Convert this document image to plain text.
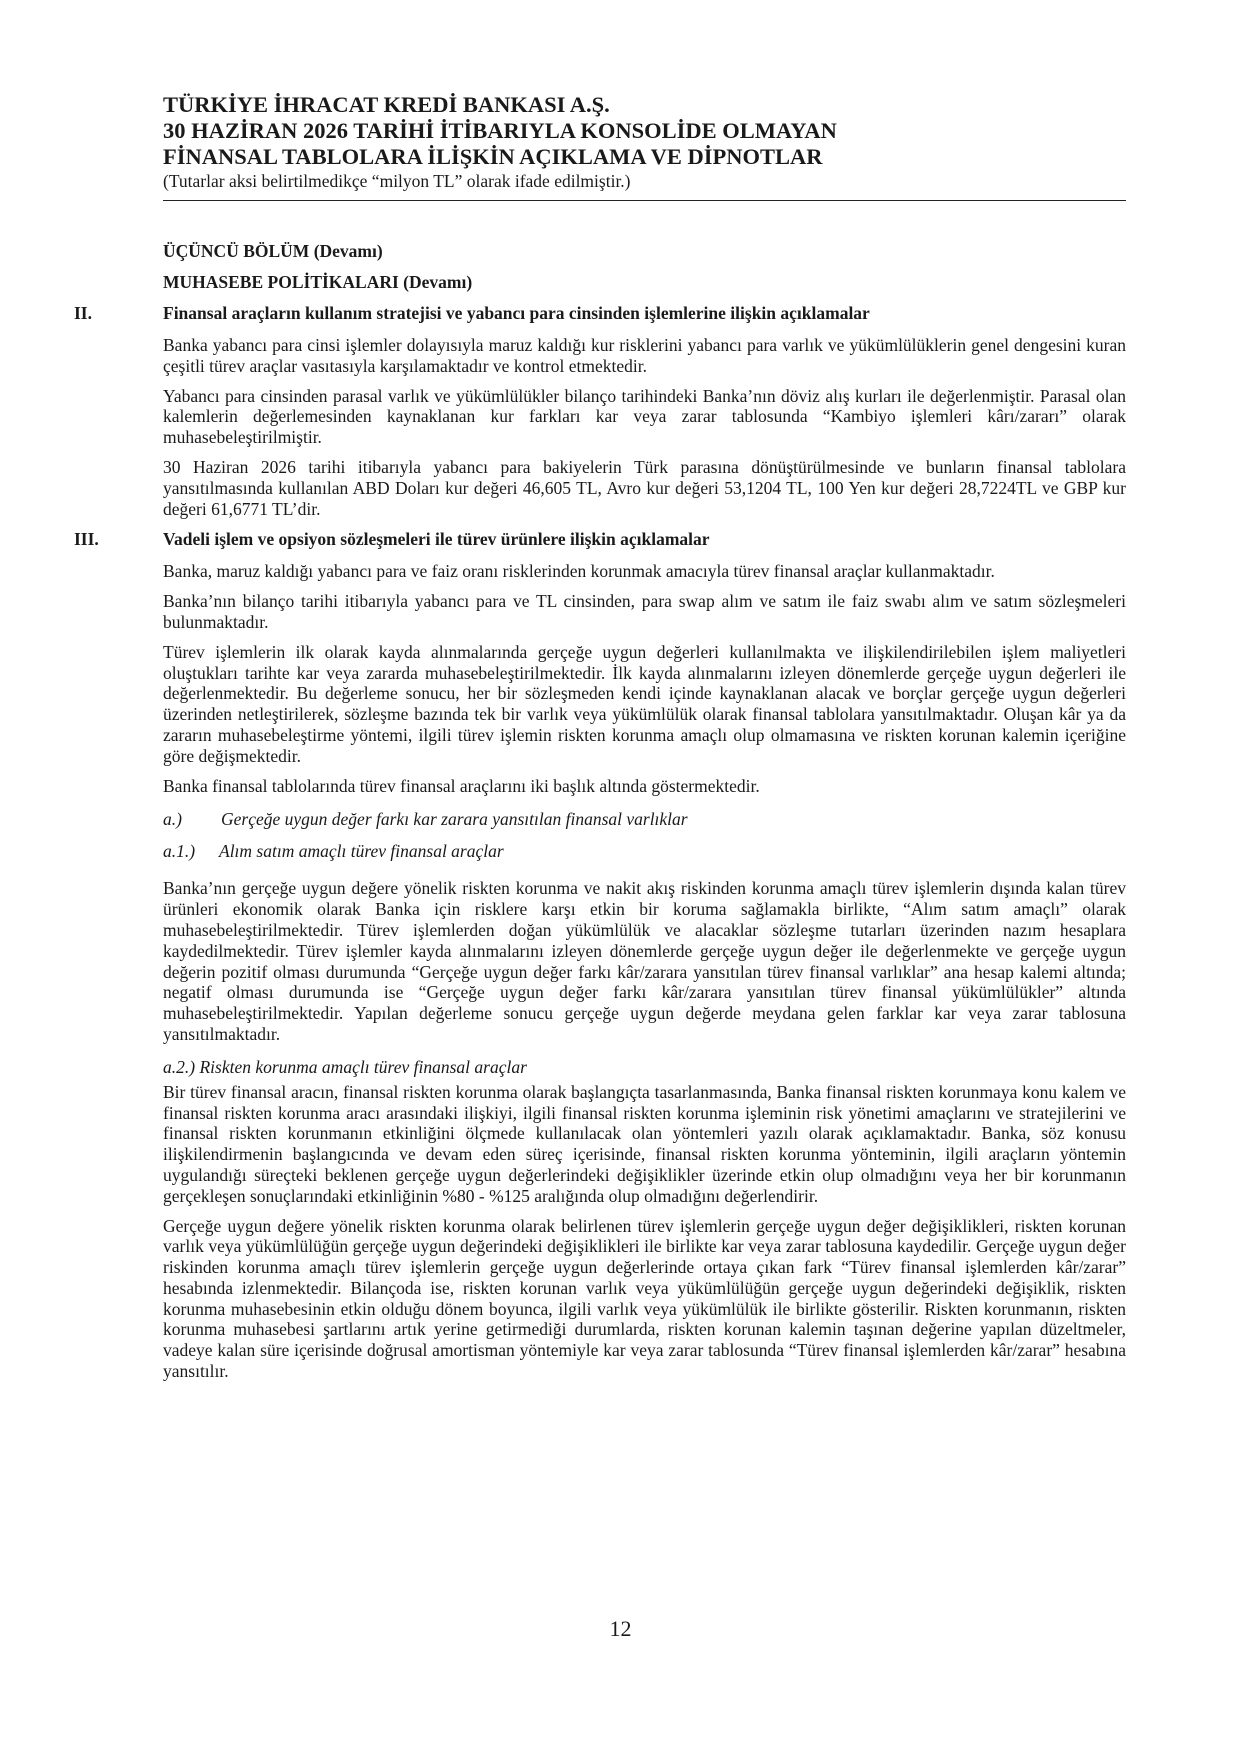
TÜRKİYE İHRACAT KREDİ BANKASI A.Ş.

30 HAZİRAN 2026 TARİHİ İTİBARIYLA KONSOLİDE OLMAYAN

FİNANSAL TABLOLARA İLİŞKİN AÇIKLAMA VE DİPNOTLAR

(Tutarlar aksi belirtilmedikçe “milyon TL” olarak ifade edilmiştir.)

ÜÇÜNCÜ BÖLÜM (Devamı)

MUHASEBE POLİTİKALARI (Devamı)

II.	Finansal araçların kullanım stratejisi ve yabancı para cinsinden işlemlerine ilişkin açıklamalar

Banka yabancı para cinsi işlemler dolayısıyla maruz kaldığı kur risklerini yabancı para varlık ve yükümlülüklerin genel dengesini kuran çeşitli türev araçlar vasıtasıyla karşılamaktadır ve kontrol etmektedir.

Yabancı para cinsinden parasal varlık ve yükümlülükler bilanço tarihindeki Banka’nın döviz alış kurları ile değerlenmiştir. Parasal olan kalemlerin değerlemesinden kaynaklanan kur farkları kar veya zarar tablosunda “Kambiyo işlemleri kârı/zararı” olarak muhasebeleştirilmiştir.

30 Haziran 2026 tarihi itibarıyla yabancı para bakiyelerin Türk parasına dönüştürülmesinde ve bunların finansal tablolara yansıtılmasında kullanılan ABD Doları kur değeri 46,605 TL, Avro kur değeri 53,1204 TL, 100 Yen kur değeri 28,7224TL ve GBP kur değeri 61,6771 TL’dir.

III.	Vadeli işlem ve opsiyon sözleşmeleri ile türev ürünlere ilişkin açıklamalar

Banka, maruz kaldığı yabancı para ve faiz oranı risklerinden korunmak amacıyla türev finansal araçlar kullanmaktadır.

Banka’nın bilanço tarihi itibarıyla yabancı para ve TL cinsinden, para swap alım ve satım ile faiz swabı alım ve satım sözleşmeleri bulunmaktadır.

Türev işlemlerin ilk olarak kayda alınmalarında gerçeğe uygun değerleri kullanılmakta ve ilişkilendirilebilen işlem maliyetleri oluştukları tarihte kar veya zararda muhasebeleştirilmektedir. İlk kayda alınmalarını izleyen dönemlerde gerçeğe uygun değerleri ile değerlenmektedir. Bu değerleme sonucu, her bir sözleşmeden kendi içinde kaynaklanan alacak ve borçlar gerçeğe uygun değerleri üzerinden netleştirilerek, sözleşme bazında tek bir varlık veya yükümlülük olarak finansal tablolara yansıtılmaktadır. Oluşan kâr ya da zararın muhasebeleştirme yöntemi, ilgili türev işlemin riskten korunma amaçlı olup olmamasına ve riskten korunan kalemin içeriğine göre değişmektedir.

Banka finansal tablolarında türev finansal araçlarını iki başlık altında göstermektedir.

a.) Gerçeğe uygun değer farkı kar zarara yansıtılan finansal varlıklar

a.1.) Alım satım amaçlı türev finansal araçlar

Banka’nın gerçeğe uygun değere yönelik riskten korunma ve nakit akış riskinden korunma amaçlı türev işlemlerin dışında kalan türev ürünleri ekonomik olarak Banka için risklere karşı etkin bir koruma sağlamakla birlikte, “Alım satım amaçlı” olarak muhasebeleştirilmektedir. Türev işlemlerden doğan yükümlülük ve alacaklar sözleşme tutarları üzerinden nazım hesaplara kaydedilmektedir. Türev işlemler kayda alınmalarını izleyen dönemlerde gerçeğe uygun değer ile değerlenmekte ve gerçeğe uygun değerin pozitif olması durumunda “Gerçeğe uygun değer farkı kâr/zarara yansıtılan türev finansal varlıklar” ana hesap kalemi altında; negatif olması durumunda ise “Gerçeğe uygun değer farkı kâr/zarara yansıtılan türev finansal yükümlülükler” altında muhasebeleştirilmektedir. Yapılan değerleme sonucu gerçeğe uygun değerde meydana gelen farklar kar veya zarar tablosuna yansıtılmaktadır.

a.2.) Riskten korunma amaçlı türev finansal araçlar

Bir türev finansal aracın, finansal riskten korunma olarak başlangıçta tasarlanmasında, Banka finansal riskten korunmaya konu kalem ve finansal riskten korunma aracı arasındaki ilişkiyi, ilgili finansal riskten korunma işleminin risk yönetimi amaçlarını ve stratejilerini ve finansal riskten korunmanın etkinliğini ölçmede kullanılacak olan yöntemleri yazılı olarak açıklamaktadır. Banka, söz konusu ilişkilendirmenin başlangıcında ve devam eden süreç içerisinde, finansal riskten korunma yönteminin, ilgili araçların yöntemin uygulandığı süreçteki beklenen gerçeğe uygun değerlerindeki değişiklikler üzerinde etkin olup olmadığını veya her bir korunmanın gerçekleşen sonuçlarındaki etkinliğinin %80 - %125 aralığında olup olmadığını değerlendirir.

Gerçeğe uygun değere yönelik riskten korunma olarak belirlenen türev işlemlerin gerçeğe uygun değer değişiklikleri, riskten korunan varlık veya yükümlülüğün gerçeğe uygun değerindeki değişiklikleri ile birlikte kar veya zarar tablosuna kaydedilir. Gerçeğe uygun değer riskinden korunma amaçlı türev işlemlerin gerçeğe uygun değerlerinde ortaya çıkan fark “Türev finansal işlemlerden kâr/zarar” hesabında izlenmektedir. Bilançoda ise, riskten korunan varlık veya yükümlülüğün gerçeğe uygun değerindeki değişiklik, riskten korunma muhasebesinin etkin olduğu dönem boyunca, ilgili varlık veya yükümlülük ile birlikte gösterilir. Riskten korunmanın, riskten korunma muhasebesi şartlarını artık yerine getirmediği durumlarda, riskten korunan kalemin taşınan değerine yapılan düzeltmeler, vadeye kalan süre içerisinde doğrusal amortisman yöntemiyle kar veya zarar tablosunda “Türev finansal işlemlerden kâr/zarar” hesabına yansıtılır.

12
